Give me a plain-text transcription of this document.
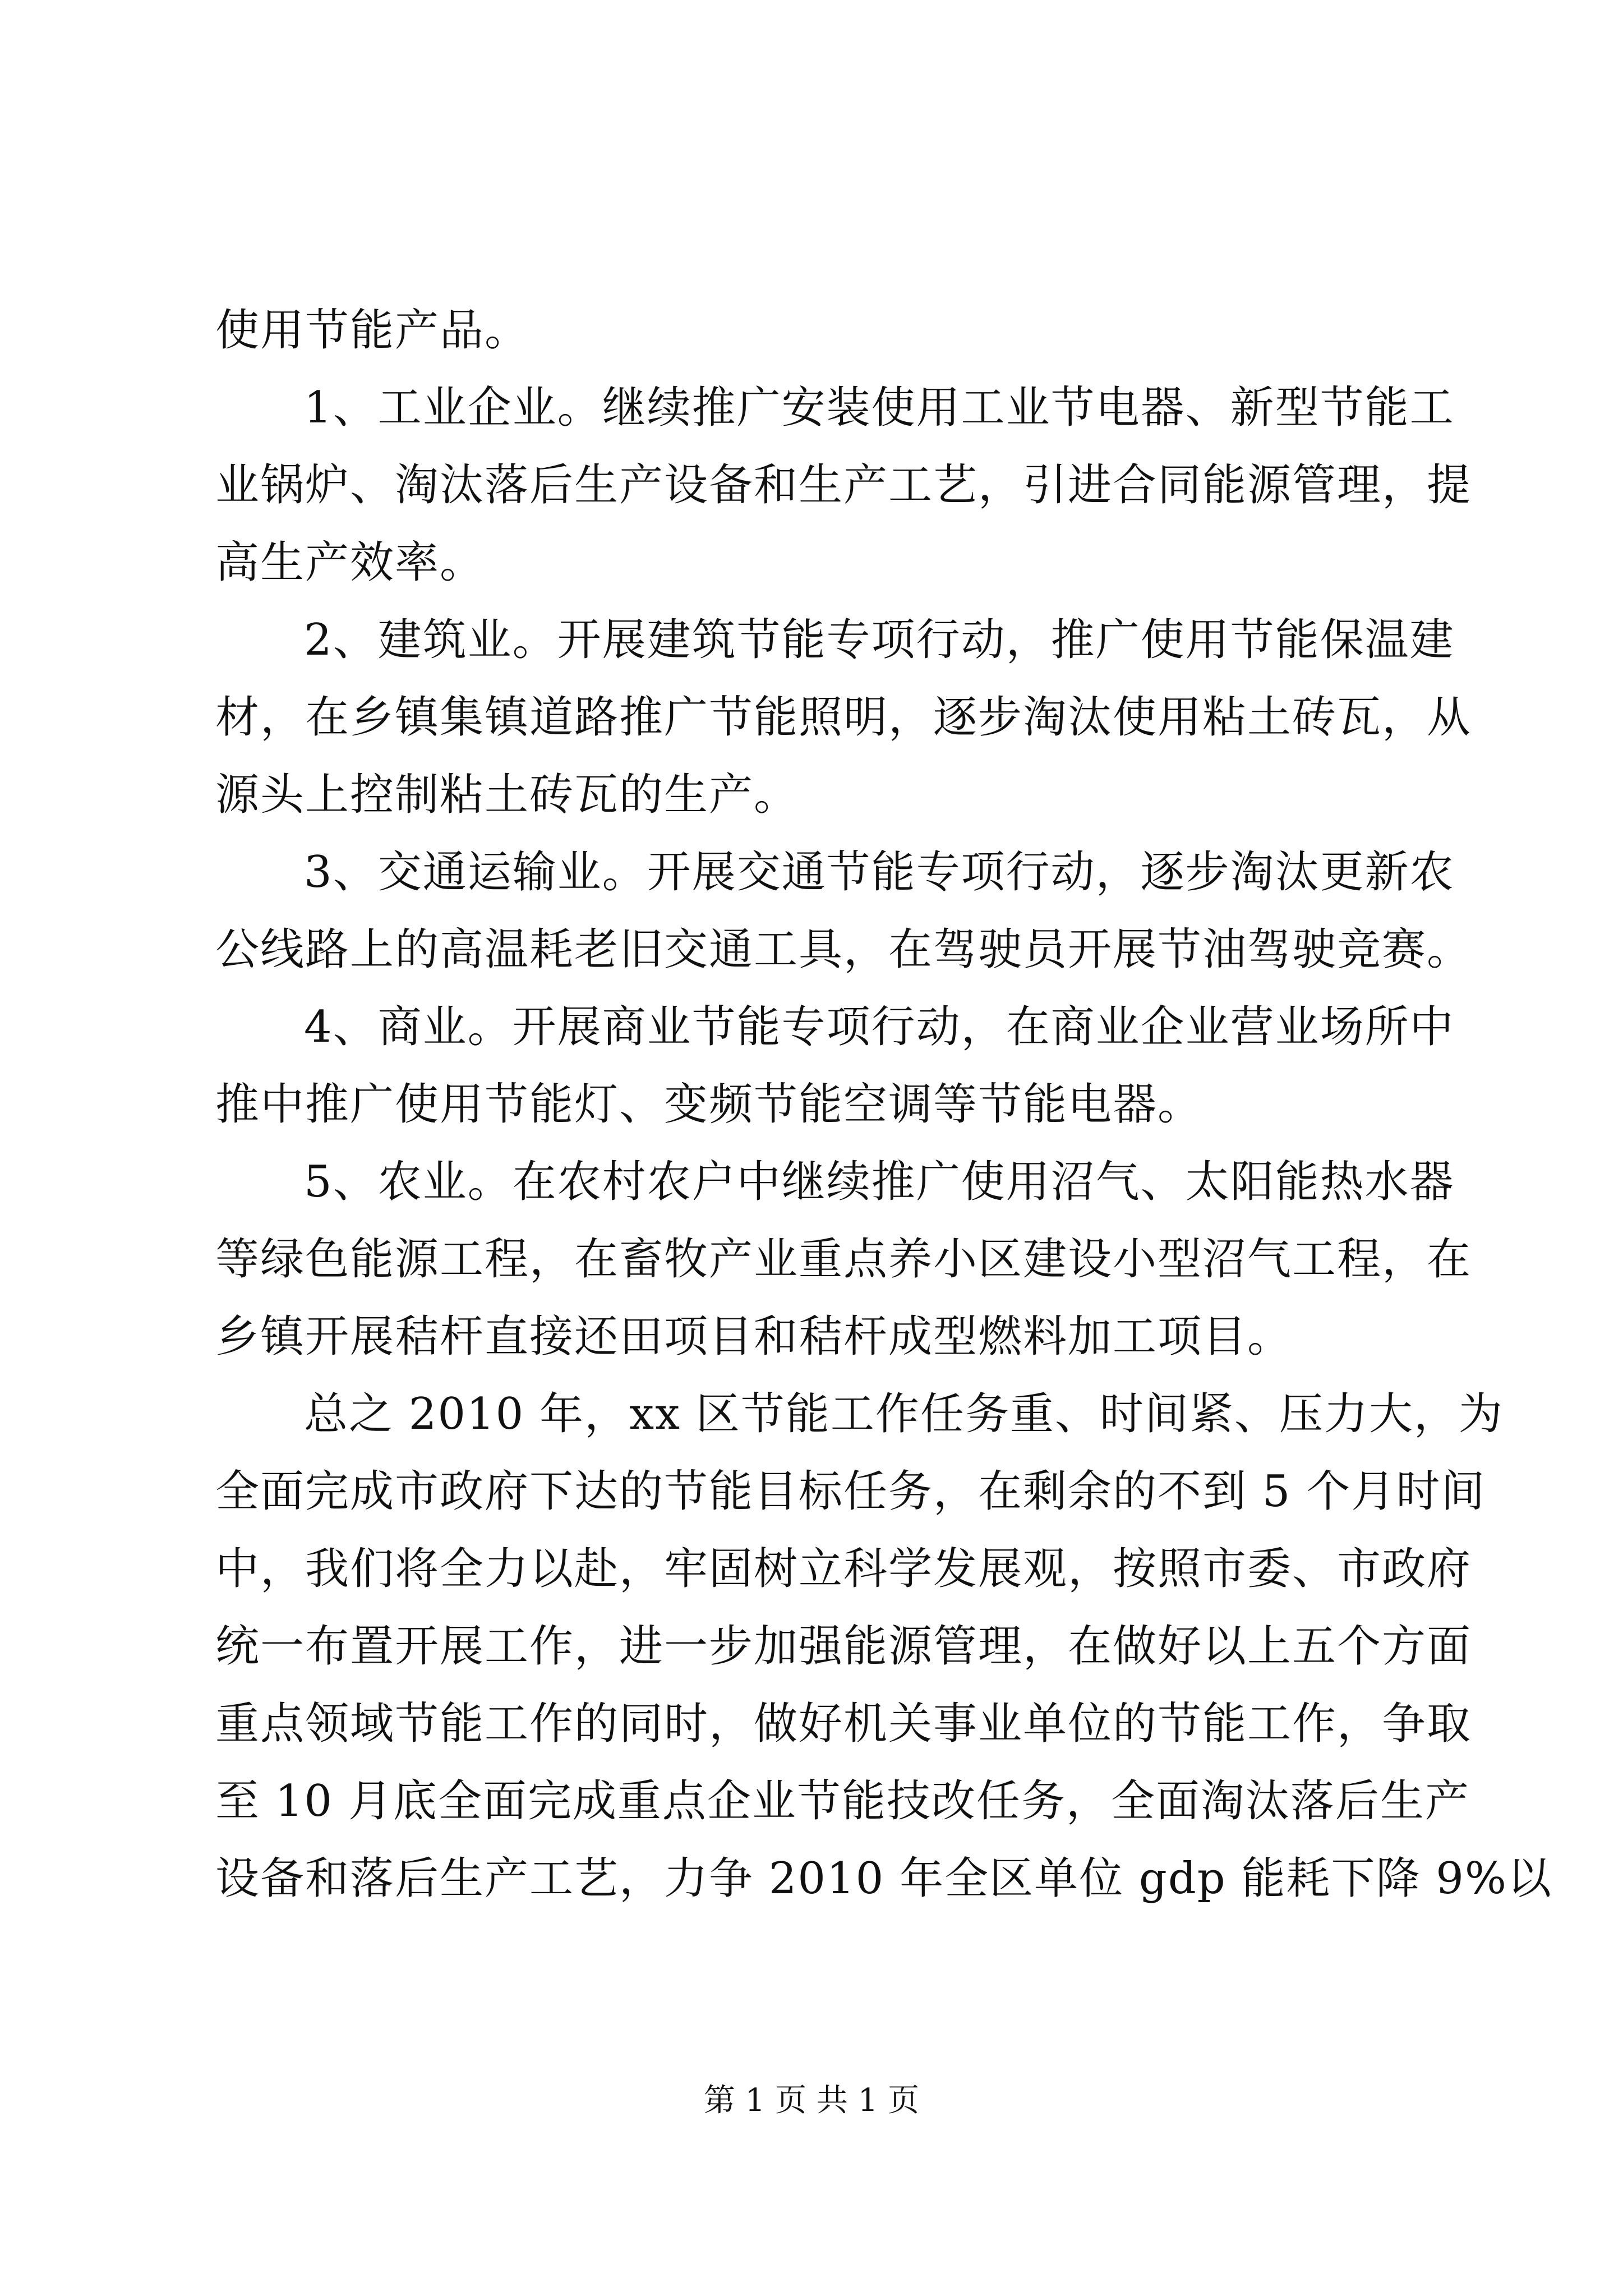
使用节能产品。
1、工业企业。继续推广安装使用工业节电器、新型节能工
业锅炉、淘汰落后生产设备和生产工艺，引进合同能源管理，提
高生产效率。
2、建筑业。开展建筑节能专项行动，推广使用节能保温建
材，在乡镇集镇道路推广节能照明，逐步淘汰使用粘土砖瓦，从
源头上控制粘土砖瓦的生产。
3、交通运输业。开展交通节能专项行动，逐步淘汰更新农
公线路上的高温耗老旧交通工具，在驾驶员开展节油驾驶竞赛。
4、商业。开展商业节能专项行动，在商业企业营业场所中
推中推广使用节能灯、变频节能空调等节能电器。
5、农业。在农村农户中继续推广使用沼气、太阳能热水器
等绿色能源工程，在畜牧产业重点养小区建设小型沼气工程，在
乡镇开展秸杆直接还田项目和秸杆成型燃料加工项目。
总之 2010 年，xx 区节能工作任务重、时间紧、压力大，为
全面完成市政府下达的节能目标任务，在剩余的不到 5 个月时间
中，我们将全力以赴，牢固树立科学发展观，按照市委、市政府
统一布置开展工作，进一步加强能源管理，在做好以上五个方面
重点领域节能工作的同时，做好机关事业单位的节能工作，争取
至 10 月底全面完成重点企业节能技改任务，全面淘汰落后生产
设备和落后生产工艺，力争 2010 年全区单位 gdp 能耗下降 9%以
第 1 页 共 1 页
